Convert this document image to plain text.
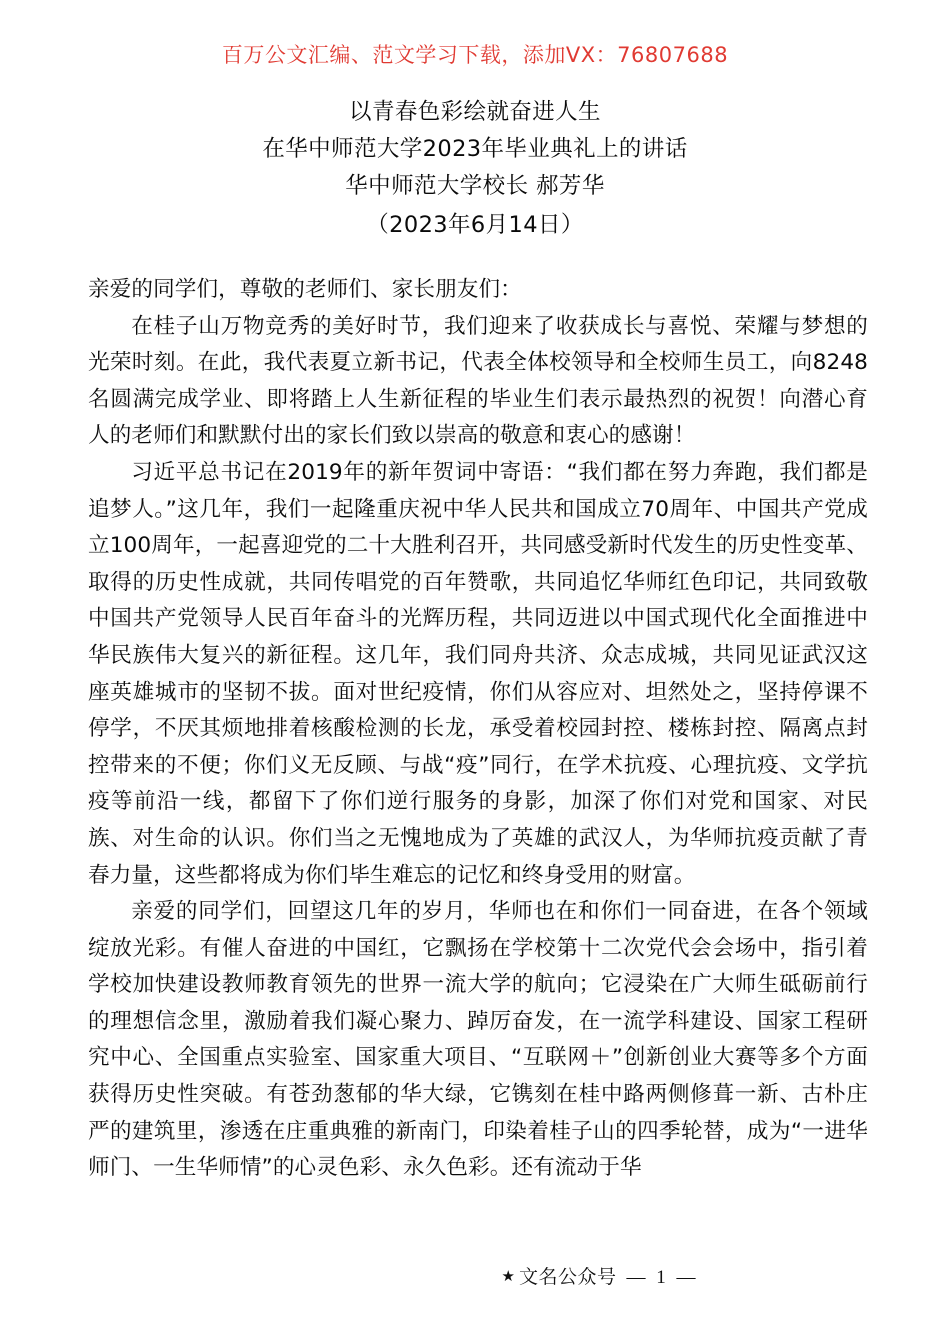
百万公文汇编、范文学习下载，添加VX：76807688
以青春色彩绘就奋进人生
在华中师范大学2023年毕业典礼上的讲话
华中师范大学校长 郝芳华
（2023年6月14日）

亲爱的同学们，尊敬的老师们、家长朋友们：

在桂子山万物竞秀的美好时节，我们迎来了收获成长与喜悦、荣耀与梦想的光荣时刻。在此，我代表夏立新书记，代表全体校领导和全校师生员工，向8248名圆满完成学业、即将踏上人生新征程的毕业生们表示最热烈的祝贺！向潜心育人的老师们和默默付出的家长们致以崇高的敬意和衷心的感谢！

习近平总书记在2019年的新年贺词中寄语：“我们都在努力奔跑，我们都是追梦人。”这几年，我们一起隆重庆祝中华人民共和国成立70周年、中国共产党成立100周年，一起喜迎党的二十大胜利召开，共同感受新时代发生的历史性变革、取得的历史性成就，共同传唱党的百年赞歌，共同追忆华师红色印记，共同致敬中国共产党领导人民百年奋斗的光辉历程，共同迈进以中国式现代化全面推进中华民族伟大复兴的新征程。这几年，我们同舟共济、众志成城，共同见证武汉这座英雄城市的坚韧不拔。面对世纪疫情，你们从容应对、坦然处之，坚持停课不停学，不厌其烦地排着核酸检测的长龙，承受着校园封控、楼栋封控、隔离点封控带来的不便；你们义无反顾、与战“疫”同行，在学术抗疫、心理抗疫、文学抗疫等前沿一线，都留下了你们逆行服务的身影，加深了你们对党和国家、对民族、对生命的认识。你们当之无愧地成为了英雄的武汉人，为华师抗疫贡献了青春力量，这些都将成为你们毕生难忘的记忆和终身受用的财富。

亲爱的同学们，回望这几年的岁月，华师也在和你们一同奋进，在各个领域绽放光彩。有催人奋进的中国红，它飘扬在学校第十二次党代会会场中，指引着学校加快建设教师教育领先的世界一流大学的航向；它浸染在广大师生砥砺前行的理想信念里，激励着我们凝心聚力、踔厉奋发，在一流学科建设、国家工程研究中心、全国重点实验室、国家重大项目、“互联网＋”创新创业大赛等多个方面获得历史性突破。有苍劲葱郁的华大绿，它镌刻在桂中路两侧修葺一新、古朴庄严的建筑里，渗透在庄重典雅的新南门，印染着桂子山的四季轮替，成为“一进华师门、一生华师情”的心灵色彩、永久色彩。还有流动于华

★ 文名公众号 — 1 —
